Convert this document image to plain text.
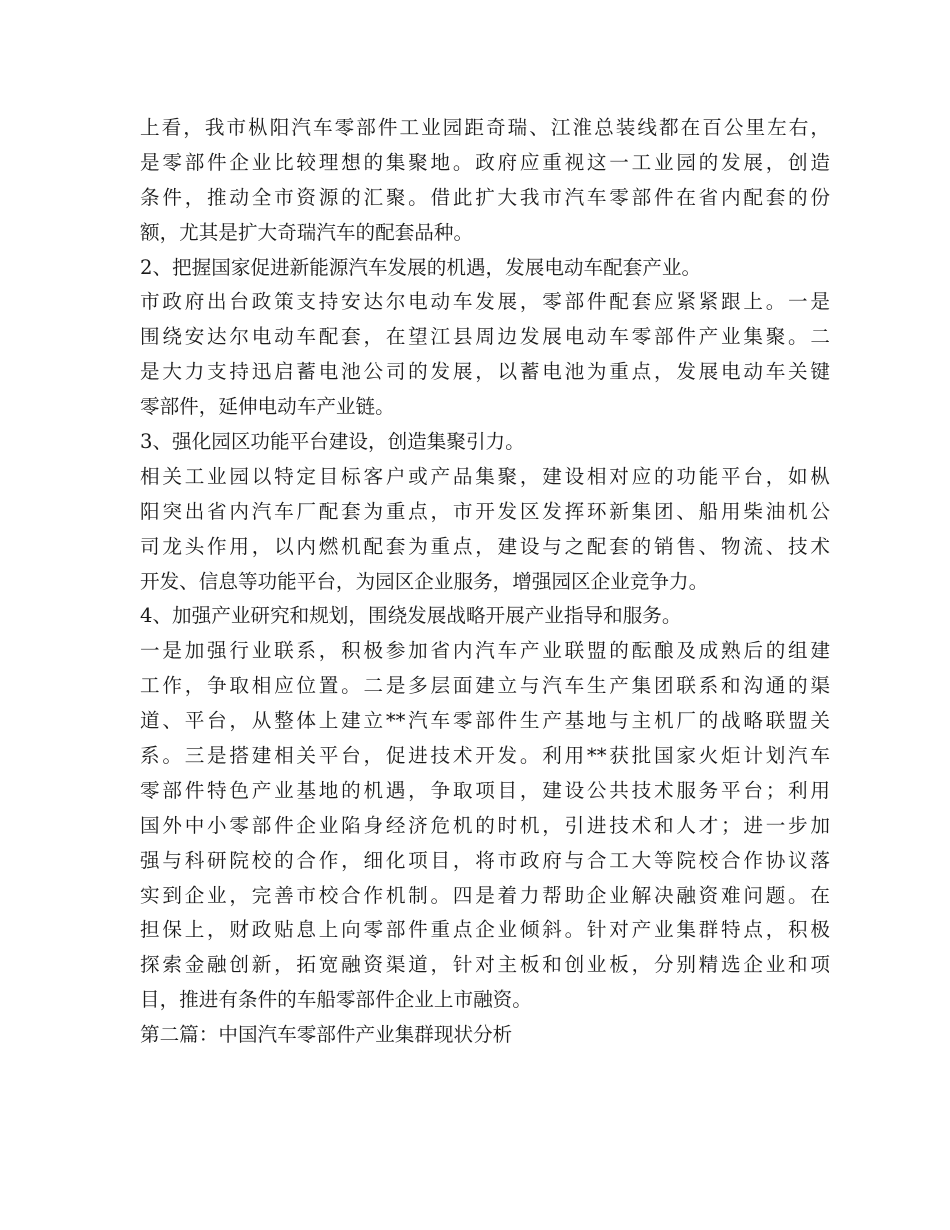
上看，我市枞阳汽车零部件工业园距奇瑞、江淮总装线都在百公里左右，
是零部件企业比较理想的集聚地。政府应重视这一工业园的发展，创造
条件，推动全市资源的汇聚。借此扩大我市汽车零部件在省内配套的份
额，尤其是扩大奇瑞汽车的配套品种。
2、把握国家促进新能源汽车发展的机遇，发展电动车配套产业。
市政府出台政策支持安达尔电动车发展，零部件配套应紧紧跟上。一是
围绕安达尔电动车配套，在望江县周边发展电动车零部件产业集聚。二
是大力支持迅启蓄电池公司的发展，以蓄电池为重点，发展电动车关键
零部件，延伸电动车产业链。
3、强化园区功能平台建设，创造集聚引力。
相关工业园以特定目标客户或产品集聚，建设相对应的功能平台，如枞
阳突出省内汽车厂配套为重点，市开发区发挥环新集团、船用柴油机公
司龙头作用，以内燃机配套为重点，建设与之配套的销售、物流、技术
开发、信息等功能平台，为园区企业服务，增强园区企业竞争力。
4、加强产业研究和规划，围绕发展战略开展产业指导和服务。
一是加强行业联系，积极参加省内汽车产业联盟的酝酿及成熟后的组建
工作，争取相应位置。二是多层面建立与汽车生产集团联系和沟通的渠
道、平台，从整体上建立**汽车零部件生产基地与主机厂的战略联盟关
系。三是搭建相关平台，促进技术开发。利用**获批国家火炬计划汽车
零部件特色产业基地的机遇，争取项目，建设公共技术服务平台；利用
国外中小零部件企业陷身经济危机的时机，引进技术和人才；进一步加
强与科研院校的合作，细化项目，将市政府与合工大等院校合作协议落
实到企业，完善市校合作机制。四是着力帮助企业解决融资难问题。在
担保上，财政贴息上向零部件重点企业倾斜。针对产业集群特点，积极
探索金融创新，拓宽融资渠道，针对主板和创业板，分别精选企业和项
目，推进有条件的车船零部件企业上市融资。
第二篇：中国汽车零部件产业集群现状分析
